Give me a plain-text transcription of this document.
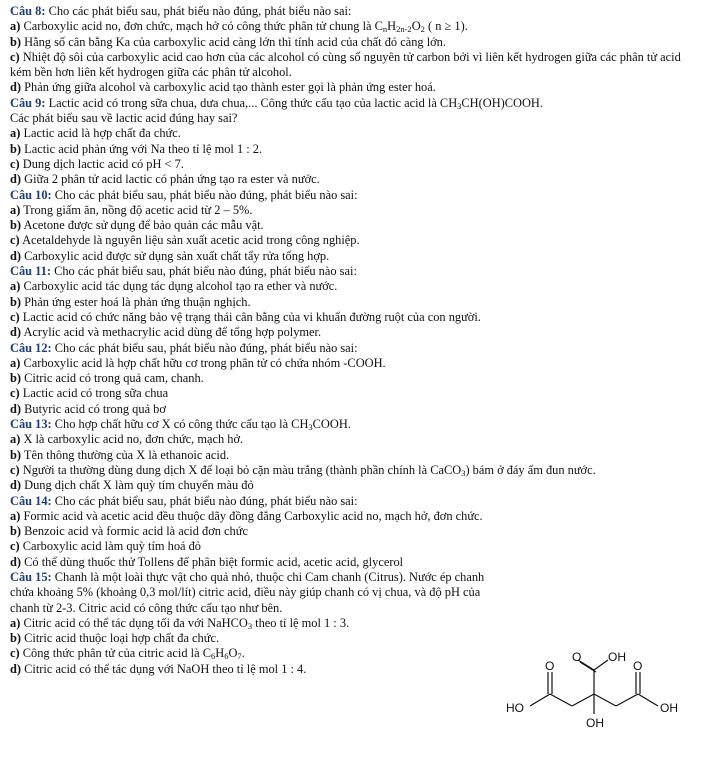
Câu 8: Cho các phát biểu sau, phát biểu nào đúng, phát biểu nào sai:

a) Carboxylic acid no, đơn chức, mạch hở có công thức phân tử chung là $C_nH_{2n-2}O_2$ ( n ≥ 1).

b) Hằng số cân bằng Ka của carboxylic acid càng lớn thì tính acid của chất đó càng lớn.

c) Nhiệt độ sôi của carboxylic acid cao hơn của các alcohol có cùng số nguyên tử carbon bởi vì liên kết hydrogen giữa các phân tử acid kém bền hơn liên kết hydrogen giữa các phân tử alcohol.

d) Phản ứng giữa alcohol và carboxylic acid tạo thành ester gọi là phản ứng ester hoá.

Câu 9: Lactic acid có trong sữa chua, dưa chua,... Công thức cấu tạo của lactic acid là $CH_3CH(OH)COOH$.

Các phát biểu sau về lactic acid đúng hay sai?

a) Lactic acid là hợp chất đa chức.

b) Lactic acid phản ứng với Na theo tỉ lệ mol 1 : 2.

c) Dung dịch lactic acid có pH < 7.

d) Giữa 2 phân tử acid lactic có phản ứng tạo ra ester và nước.

Câu 10: Cho các phát biểu sau, phát biểu nào đúng, phát biểu nào sai:

a) Trong giấm ăn, nồng độ acetic acid từ 2 – 5%.

b) Acetone được sử dụng để bảo quản các mẫu vật.

c) Acetaldehyde là nguyên liệu sản xuất acetic acid trong công nghiệp.

d) Carboxylic acid được sử dụng sản xuất chất tẩy rửa tổng hợp.

Câu 11: Cho các phát biểu sau, phát biểu nào đúng, phát biểu nào sai:

a) Carboxylic acid tác dụng tác dụng alcohol tạo ra ether và nước.

b) Phản ứng ester hoá là phản ứng thuận nghịch.

c) Lactic acid có chức năng bảo vệ trạng thái cân bằng của vi khuẩn đường ruột của con người.

d) Acrylic acid và methacrylic acid dùng để tổng hợp polymer.

Câu 12: Cho các phát biểu sau, phát biểu nào đúng, phát biểu nào sai:

a) Carboxylic acid là hợp chất hữu cơ trong phân tử có chứa nhóm -COOH.

b) Citric acid có trong quả cam, chanh.

c) Lactic acid có trong sữa chua

d) Butyric acid có trong quả bơ

Câu 13: Cho hợp chất hữu cơ X có công thức cấu tạo là $CH_3COOH$.

a) X là carboxylic acid no, đơn chức, mạch hở.

b) Tên thông thường của X là ethanoic acid.

c) Người ta thường dùng dung dịch X để loại bỏ cặn màu trắng (thành phần chính là CaCO$_3$) bám ở đáy ấm đun nước.

d) Dung dịch chất X làm quỳ tím chuyển màu đỏ

Câu 14: Cho các phát biểu sau, phát biểu nào đúng, phát biểu nào sai:

a) Formic acid và acetic acid đều thuộc dãy đồng đẳng Carboxylic acid no, mạch hở, đơn chức.

b) Benzoic acid và formic acid là acid đơn chức

c) Carboxylic acid làm quỳ tím hoá đỏ

d) Có thể dùng thuốc thử Tollens để phân biệt formic acid, acetic acid, glycerol

Câu 15: Chanh là một loài thực vật cho quả nhỏ, thuộc chi Cam chanh (Citrus). Nước ép chanh chứa khoảng 5% (khoảng 0,3 mol/lít) citric acid, điều này giúp chanh có vị chua, và độ pH của chanh từ 2-3. Citric acid có công thức cấu tạo như bên.

a) Citric acid có thể tác dụng tối đa với NaHCO$_3$ theo tỉ lệ mol 1 : 3.

b) Citric acid thuộc loại hợp chất đa chức.

c) Công thức phân tử của citric acid là $C_6H_6O_7$.

d) Citric acid có thể tác dụng với NaOH theo tỉ lệ mol 1 : 4.

O OH
O	O
HO	OH
OH
